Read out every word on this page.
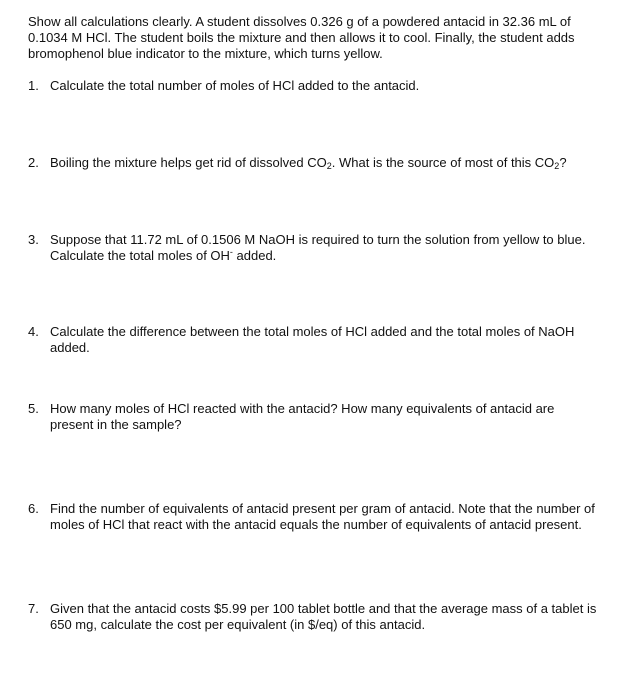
Show all calculations clearly. A student dissolves 0.326 g of a powdered antacid in 32.36 mL of

0.1034 M HCl. The student boils the mixture and then allows it to cool. Finally, the student adds

bromophenol blue indicator to the mixture, which turns yellow.

1. Calculate the total number of moles of HCl added to the antacid.
2. Boiling the mixture helps get rid of dissolved $CO_2$. What is the source of most of this $CO_2$?
3. Suppose that 11.72 mL of 0.1506 M NaOH is required to turn the solution from yellow to blue.
Calculate the total moles of OH- added.
4. Calculate the difference between the total moles of HCl added and the total moles of NaOH
added.
5. How many moles of HCl reacted with the antacid? How many equivalents of antacid are
present in the sample?
6. Find the number of equivalents of antacid present per gram of antacid. Note that the number of
moles of HCl that react with the antacid equals the number of equivalents of antacid present.
7. Given that the antacid costs $5.99 per 100 tablet bottle and that the average mass of a tablet is
650 mg, calculate the cost per equivalent (in $/eq) of this antacid.
